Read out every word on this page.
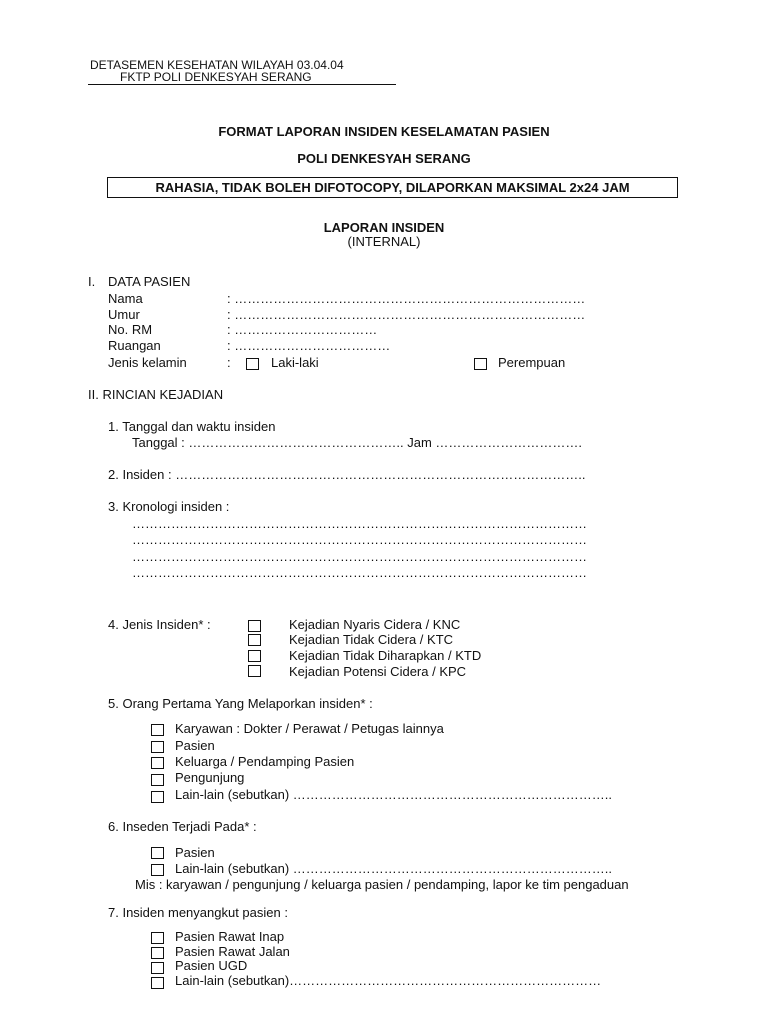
DETASEMEN KESEHATAN WILAYAH 03.04.04
FKTP POLI DENKESYAH SERANG
FORMAT LAPORAN INSIDEN KESELAMATAN PASIEN
POLI DENKESYAH SERANG
RAHASIA, TIDAK BOLEH DIFOTOCOPY, DILAPORKAN MAKSIMAL 2x24 JAM
LAPORAN INSIDEN
(INTERNAL)
I. DATA PASIEN
Nama	: ………………………………………………………………………
Umur	: ………………………………………………………………………
No. RM	: ……………………………
Ruangan	: ………………………………
Jenis kelamin	:	Laki-laki	Perempuan
II. RINCIAN KEJADIAN
1. Tanggal dan waktu insiden
Tanggal : ………………………………………….. Jam …………………………….
2. Insiden : …………………………………………………………………………………..
3. Kronologi insiden :
……………………………………………………………………………………………
……………………………………………………………………………………………
……………………………………………………………………………………………
……………………………………………………………………………………………
4. Jenis Insiden* :	Kejadian Nyaris Cidera / KNC
Kejadian Tidak Cidera / KTC
Kejadian Tidak Diharapkan / KTD
Kejadian Potensi Cidera / KPC
5. Orang Pertama Yang Melaporkan insiden* :
Karyawan : Dokter / Perawat / Petugas lainnya
Pasien
Keluarga / Pendamping Pasien
Pengunjung
Lain-lain (sebutkan) ………………………………………………………………..
6. Inseden Terjadi Pada* :
Pasien
Lain-lain (sebutkan) ………………………………………………………………..
Mis : karyawan / pengunjung / keluarga pasien / pendamping, lapor ke tim pengaduan
7. Insiden menyangkut pasien :
Pasien Rawat Inap
Pasien Rawat Jalan
Pasien UGD
Lain-lain (sebutkan)………………………………………………………………
